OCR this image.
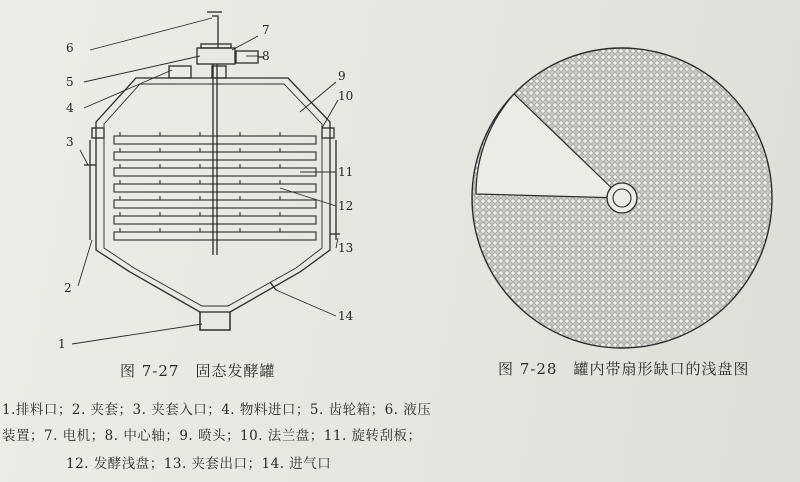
6
5
4
3
2
1
7
8
9
10
11
12
13
14
图 7-27　固态发酵罐	图 7-28　罐内带扇形缺口的浅盘图
1.排料口；2. 夹套；3. 夹套入口；4. 物料进口；5. 齿轮箱；6. 液压
装置；7. 电机；8. 中心轴；9. 喷头；10. 法兰盘；11. 旋转刮板；
12. 发酵浅盘；13. 夹套出口；14. 进气口
